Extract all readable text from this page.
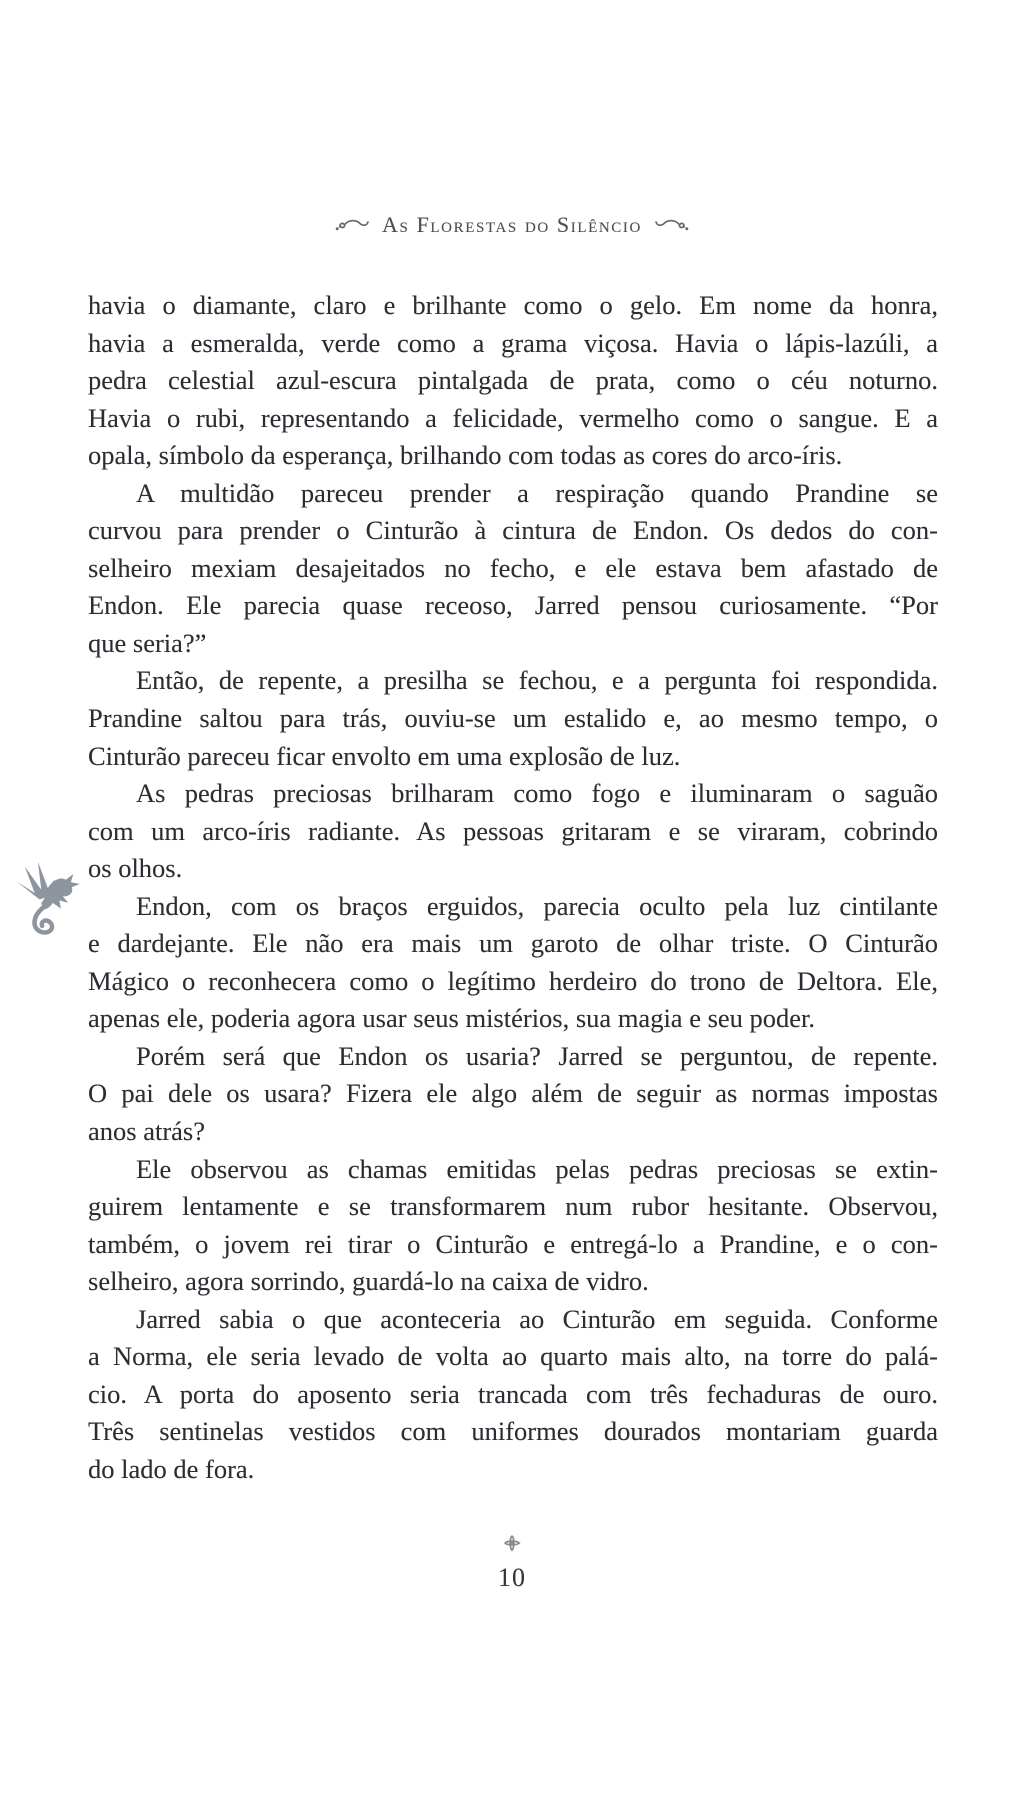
As Florestas do Silêncio
havia o diamante, claro e brilhante como o gelo. Em nome da honra,
havia a esmeralda, verde como a grama viçosa. Havia o lápis-lazúli, a
pedra celestial azul-escura pintalgada de prata, como o céu noturno.
Havia o rubi, representando a felicidade, vermelho como o sangue. E a
opala, símbolo da esperança, brilhando com todas as cores do arco-íris.
A multidão pareceu prender a respiração quando Prandine se
curvou para prender o Cinturão à cintura de Endon. Os dedos do con-
selheiro mexiam desajeitados no fecho, e ele estava bem afastado de
Endon. Ele parecia quase receoso, Jarred pensou curiosamente. “Por
que seria?”
Então, de repente, a presilha se fechou, e a pergunta foi respondida.
Prandine saltou para trás, ouviu-se um estalido e, ao mesmo tempo, o
Cinturão pareceu ficar envolto em uma explosão de luz.
As pedras preciosas brilharam como fogo e iluminaram o saguão
com um arco-íris radiante. As pessoas gritaram e se viraram, cobrindo
os olhos.
Endon, com os braços erguidos, parecia oculto pela luz cintilante
e dardejante. Ele não era mais um garoto de olhar triste. O Cinturão
Mágico o reconhecera como o legítimo herdeiro do trono de Deltora. Ele,
apenas ele, poderia agora usar seus mistérios, sua magia e seu poder.
Porém será que Endon os usaria? Jarred se perguntou, de repente.
O pai dele os usara? Fizera ele algo além de seguir as normas impostas
anos atrás?
Ele observou as chamas emitidas pelas pedras preciosas se extin-
guirem lentamente e se transformarem num rubor hesitante. Observou,
também, o jovem rei tirar o Cinturão e entregá-lo a Prandine, e o con-
selheiro, agora sorrindo, guardá-lo na caixa de vidro.
Jarred sabia o que aconteceria ao Cinturão em seguida. Conforme
a Norma, ele seria levado de volta ao quarto mais alto, na torre do palá-
cio. A porta do aposento seria trancada com três fechaduras de ouro.
Três sentinelas vestidos com uniformes dourados montariam guarda
do lado de fora.
10
